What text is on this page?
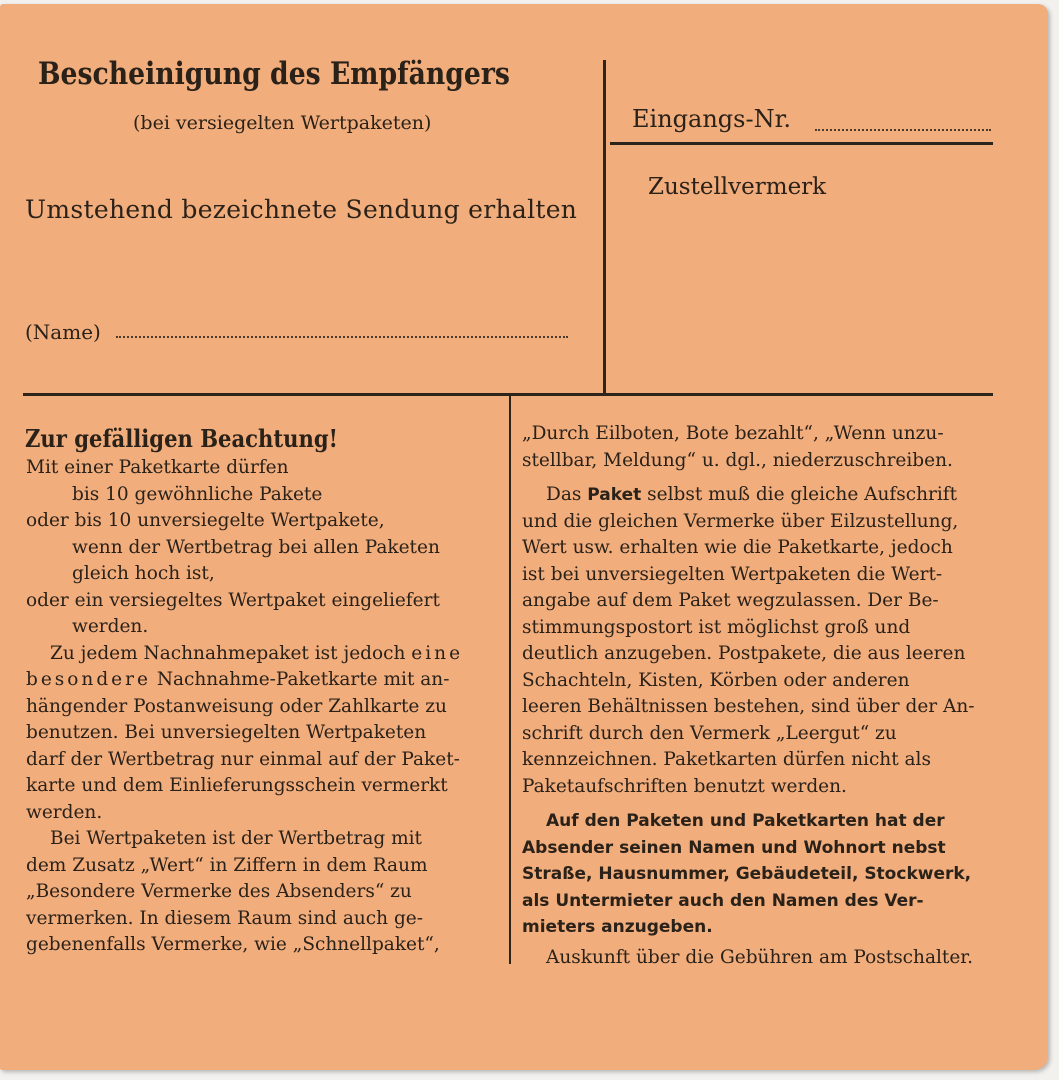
Bescheinigung des Empfängers
(bei versiegelten Wertpaketen)
Umstehend bezeichnete Sendung erhalten
(Name)
Eingangs-Nr.
Zustellvermerk
Zur gefälligen Beachtung!
Mit einer Paketkarte dürfen
bis 10 gewöhnliche Pakete
oder bis 10 unversiegelte Wertpakete,
wenn der Wertbetrag bei allen Paketen
gleich hoch ist,
oder ein versiegeltes Wertpaket eingeliefert
werden.
Zu jedem Nachnahmepaket ist jedoch eine
besondere Nachnahme-Paketkarte mit an-
hängender Postanweisung oder Zahlkarte zu
benutzen. Bei unversiegelten Wertpaketen
darf der Wertbetrag nur einmal auf der Paket-
karte und dem Einlieferungsschein vermerkt
werden.
Bei Wertpaketen ist der Wertbetrag mit
dem Zusatz „Wert“ in Ziffern in dem Raum
„Besondere Vermerke des Absenders“ zu
vermerken. In diesem Raum sind auch ge-
gebenenfalls Vermerke, wie „Schnellpaket“,
„Durch Eilboten, Bote bezahlt“, „Wenn unzu-
stellbar, Meldung“ u. dgl., niederzuschreiben.
Das Paket selbst muß die gleiche Aufschrift
und die gleichen Vermerke über Eilzustellung,
Wert usw. erhalten wie die Paketkarte, jedoch
ist bei unversiegelten Wertpaketen die Wert-
angabe auf dem Paket wegzulassen. Der Be-
stimmungspostort ist möglichst groß und
deutlich anzugeben. Postpakete, die aus leeren
Schachteln, Kisten, Körben oder anderen
leeren Behältnissen bestehen, sind über der An-
schrift durch den Vermerk „Leergut“ zu
kennzeichnen. Paketkarten dürfen nicht als
Paketaufschriften benutzt werden.
Auf den Paketen und Paketkarten hat der
Absender seinen Namen und Wohnort nebst
Straße, Hausnummer, Gebäudeteil, Stockwerk,
als Untermieter auch den Namen des Ver-
mieters anzugeben.
Auskunft über die Gebühren am Postschalter.
